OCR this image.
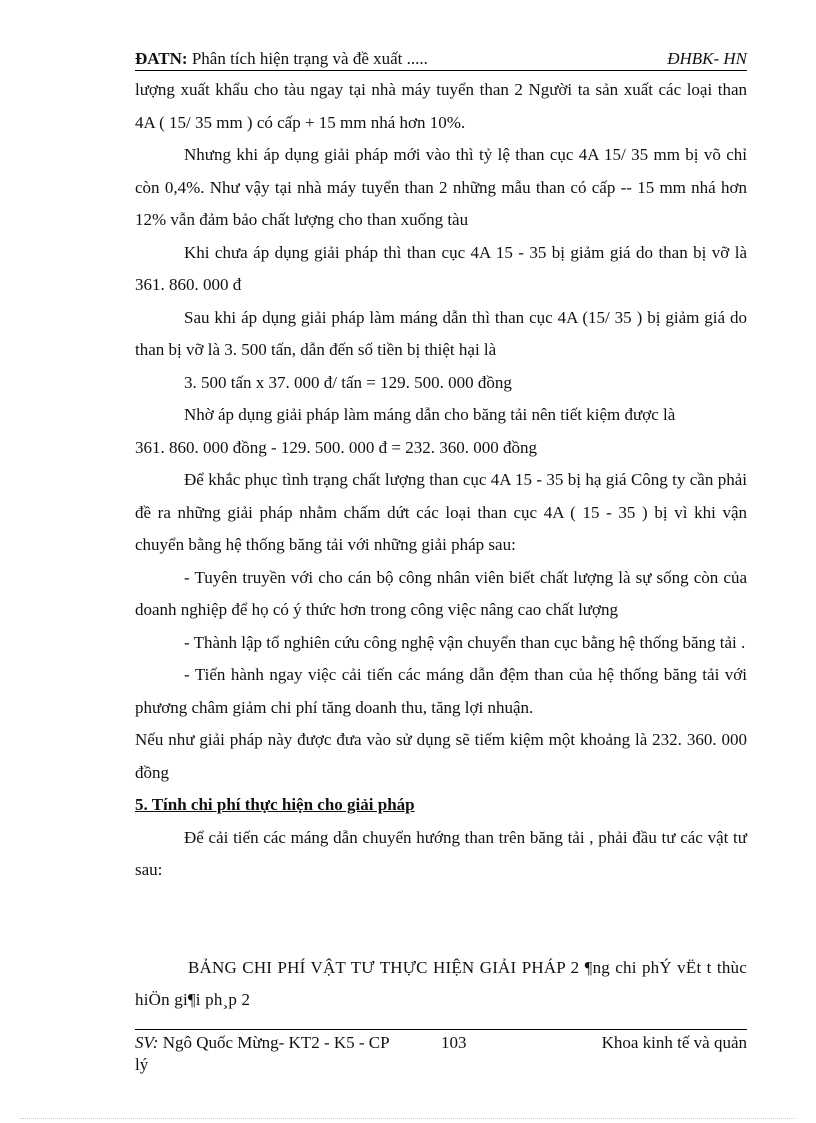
ĐATN: Phân tích hiện trạng và đề xuất .....	ĐHBK- HN

lượng xuất khẩu cho tàu ngay tại nhà máy tuyển than 2 Người ta sản xuất các loại than 4A ( 15/ 35 mm ) có cấp + 15 mm nhá hơn 10%.

Nhưng khi áp dụng giải pháp mới vào thì tỷ lệ than cục 4A 15/ 35 mm bị võ chỉ còn 0,4%. Như vậy tại nhà máy tuyển than 2 những mẫu than có cấp -- 15 mm nhá hơn 12% vẫn đảm bảo chất lượng cho than xuống tàu

Khi chưa áp dụng giải pháp thì than cục 4A 15 - 35 bị giảm giá do than bị vỡ là 361. 860. 000 đ

Sau khi áp dụng giải pháp làm máng dẫn thì than cục 4A (15/ 35 ) bị giảm giá do than bị vỡ là 3. 500 tấn, dẫn đến số tiền bị thiệt hại là

3. 500 tấn x 37. 000 đ/ tấn = 129. 500. 000 đồng

Nhờ áp dụng giải pháp làm máng dẫn cho băng tải nên tiết kiệm được là

361. 860. 000 đồng - 129. 500. 000 đ = 232. 360. 000 đồng

Để khắc phục tình trạng chất lượng than cục 4A 15 - 35 bị hạ giá Công ty cần phải đề ra những giải pháp nhằm chấm dứt các loại than cục 4A ( 15 - 35 ) bị vì khi vận chuyển bằng hệ thống băng tải với những giải pháp sau:

- Tuyên truyền với cho cán bộ công nhân viên biết chất lượng là sự sống còn của doanh nghiệp để họ có ý thức hơn trong công việc nâng cao chất lượng

- Thành lập tổ nghiên cứu công nghệ vận chuyển than cục bằng hệ thống băng tải .

- Tiến hành ngay việc cải tiến các máng dẫn đệm than của hệ thống băng tải với phương châm giảm chi phí tăng doanh thu, tăng lợi nhuận.

Nếu như giải pháp này được đưa vào sử dụng sẽ tiếm kiệm một khoảng là 232. 360. 000 đồng

5. Tính chi phí thực hiện cho giải pháp

Để cải tiến các máng dẫn chuyển hướng than trên băng tải , phải đầu tư các vật tư sau:

BẢNG CHI PHÍ VẬT TƯ THỰC HIỆN GIẢI PHÁP 2 ¶ng chi phÝ vËt t thùc hiÖn gi¶i ph¸p 2

SV: Ngô Quốc Mừng- KT2 - K5 - CP	103	Khoa kinh tế và quản
lý
